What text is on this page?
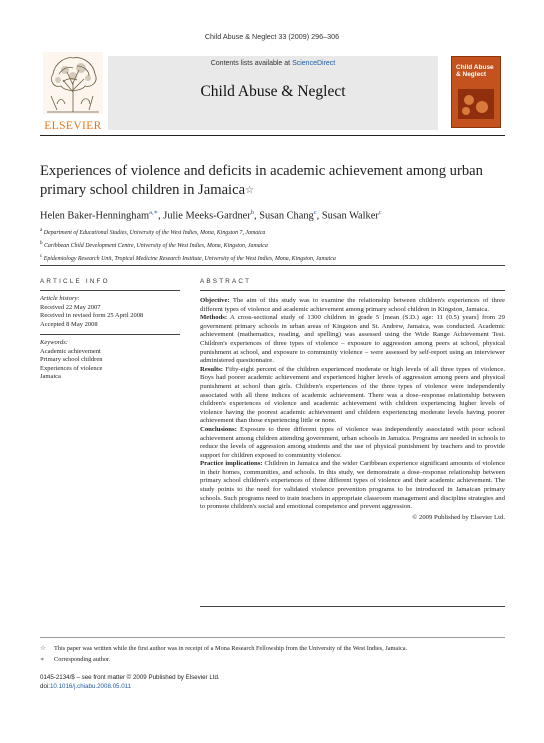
Child Abuse & Neglect 33 (2009) 296–306
ELSEVIER
Contents lists available at ScienceDirect
Child Abuse & Neglect
Child Abuse & Neglect
Experiences of violence and deficits in academic achievement among urban primary school children in Jamaica☆
Helen Baker-Henningham$^{a,∗}$, Julie Meeks-Gardner$^b$, Susan Chang$^c$, Susan Walker$^c$
$^a$ Department of Educational Studies, University of the West Indies, Mona, Kingston 7, Jamaica
$^b$ Caribbean Child Development Centre, University of the West Indies, Mona, Kingston, Jamaica
$^c$ Epidemiology Research Unit, Tropical Medicine Research Institute, University of the West Indies, Mona, Kingston, Jamaica
ARTICLE INFO	ABSTRACT
Article history:
Received 22 May 2007
Received in revised form 25 April 2008
Accepted 8 May 2008
Keywords:
Academic achievement
Primary school children
Experiences of violence
Jamaica

Objective: The aim of this study was to examine the relationship between children's experiences of three different types of violence and academic achievement among primary school children in Kingston, Jamaica.

Methods: A cross-sectional study of 1300 children in grade 5 [mean (S.D.) age: 11 (0.5) years] from 29 government primary schools in urban areas of Kingston and St. Andrew, Jamaica, was conducted. Academic achievement (mathematics, reading, and spelling) was assessed using the Wide Range Achievement Test. Children's experiences of three types of violence – exposure to aggression among peers at school, physical punishment at school, and exposure to community violence – were assessed by self-report using an interviewer administered questionnaire.

Results: Fifty-eight percent of the children experienced moderate or high levels of all three types of violence. Boys had poorer academic achievement and experienced higher levels of aggression among peers and physical punishment at school than girls. Children's experiences of the three types of violence were independently associated with all three indices of academic achievement. There was a dose–response relationship between children's experiences of violence and academic achievement with children experiencing higher levels of violence having the poorest academic achievement and children experiencing moderate levels having poorer achievement than those experiencing little or none.

Conclusions: Exposure to three different types of violence was independently associated with poor school achievement among children attending government, urban schools in Jamaica. Programs are needed in schools to reduce the levels of aggression among students and the use of physical punishment by teachers and to provide support for children exposed to community violence.

Practice implications: Children in Jamaica and the wider Caribbean experience significant amounts of violence in their homes, communities, and schools. In this study, we demonstrate a dose–response relationship between primary school children's experiences of three different types of violence and their academic achievement. The study points to the need for validated violence prevention programs to be introduced in Jamaican primary schools. Such programs need to train teachers in appropriate classroom management and discipline strategies and to promote children's social and emotional competence and prevent aggression.

© 2009 Published by Elsevier Ltd.

☆ This paper was written while the first author was in receipt of a Mona Research Fellowship from the University of the West Indies, Jamaica.
∗ Corresponding author.
0145-2134/$ – see front matter © 2009 Published by Elsevier Ltd.
doi:10.1016/j.chiabu.2008.05.011
